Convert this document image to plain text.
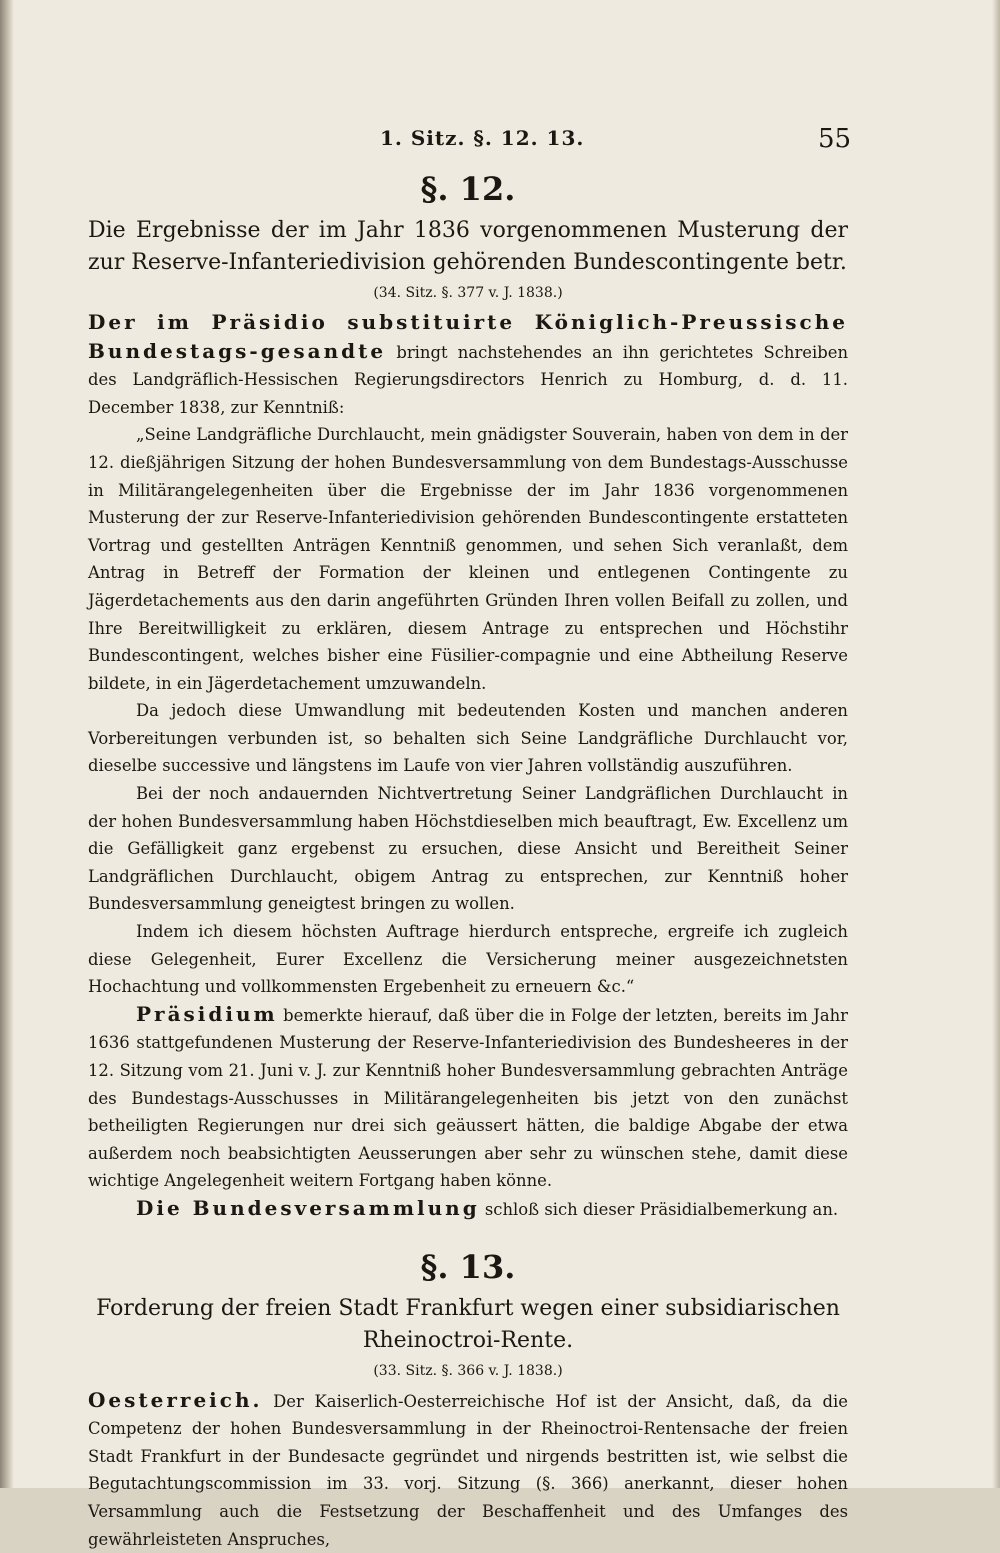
1. Sitz. §. 12. 13.	55
§. 12.

Die Ergebnisse der im Jahr 1836 vorgenommenen Musterung der zur Reserve-Infanteriedivision gehörenden Bundescontingente betr.

(34. Sitz. §. 377 v. J. 1838.)

Der im Präsidio substituirte Königlich-Preussische Bundestags-gesandte bringt nachstehendes an ihn gerichtetes Schreiben des Landgräflich-Hessischen Regierungsdirectors Henrich zu Homburg, d. d. 11. December 1838, zur Kenntniß:

„Seine Landgräfliche Durchlaucht, mein gnädigster Souverain, haben von dem in der 12. dießjährigen Sitzung der hohen Bundesversammlung von dem Bundestags-Ausschusse in Militärangelegenheiten über die Ergebnisse der im Jahr 1836 vorgenommenen Musterung der zur Reserve-Infanteriedivision gehörenden Bundescontingente erstatteten Vortrag und gestellten Anträgen Kenntniß genommen, und sehen Sich veranlaßt, dem Antrag in Betreff der Formation der kleinen und entlegenen Contingente zu Jägerdetachements aus den darin angeführten Gründen Ihren vollen Beifall zu zollen, und Ihre Bereitwilligkeit zu erklären, diesem Antrage zu entsprechen und Höchstihr Bundescontingent, welches bisher eine Füsilier-compagnie und eine Abtheilung Reserve bildete, in ein Jägerdetachement umzuwandeln.

Da jedoch diese Umwandlung mit bedeutenden Kosten und manchen anderen Vorbereitungen verbunden ist, so behalten sich Seine Landgräfliche Durchlaucht vor, dieselbe successive und längstens im Laufe von vier Jahren vollständig auszuführen.

Bei der noch andauernden Nichtvertretung Seiner Landgräflichen Durchlaucht in der hohen Bundesversammlung haben Höchstdieselben mich beauftragt, Ew. Excellenz um die Gefälligkeit ganz ergebenst zu ersuchen, diese Ansicht und Bereitheit Seiner Landgräflichen Durchlaucht, obigem Antrag zu entsprechen, zur Kenntniß hoher Bundesversammlung geneigtest bringen zu wollen.

Indem ich diesem höchsten Auftrage hierdurch entspreche, ergreife ich zugleich diese Gelegenheit, Eurer Excellenz die Versicherung meiner ausgezeichnetsten Hochachtung und vollkommensten Ergebenheit zu erneuern &c.“

Präsidium bemerkte hierauf, daß über die in Folge der letzten, bereits im Jahr 1636 stattgefundenen Musterung der Reserve-Infanteriedivision des Bundesheeres in der 12. Sitzung vom 21. Juni v. J. zur Kenntniß hoher Bundesversammlung gebrachten Anträge des Bundestags-Ausschusses in Militärangelegenheiten bis jetzt von den zunächst betheiligten Regierungen nur drei sich geäussert hätten, die baldige Abgabe der etwa außerdem noch beabsichtigten Aeusserungen aber sehr zu wünschen stehe, damit diese wichtige Angelegenheit weitern Fortgang haben könne.

Die Bundesversammlung schloß sich dieser Präsidialbemerkung an.

§. 13.

Forderung der freien Stadt Frankfurt wegen einer subsidiarischen Rheinoctroi-Rente.

(33. Sitz. §. 366 v. J. 1838.)

Oesterreich. Der Kaiserlich-Oesterreichische Hof ist der Ansicht, daß, da die Competenz der hohen Bundesversammlung in der Rheinoctroi-Rentensache der freien Stadt Frankfurt in der Bundesacte gegründet und nirgends bestritten ist, wie selbst die Begutachtungscommission im 33. vorj. Sitzung (§. 366) anerkannt, dieser hohen Versammlung auch die Festsetzung der Beschaffenheit und des Umfanges des gewährleisteten Anspruches,
